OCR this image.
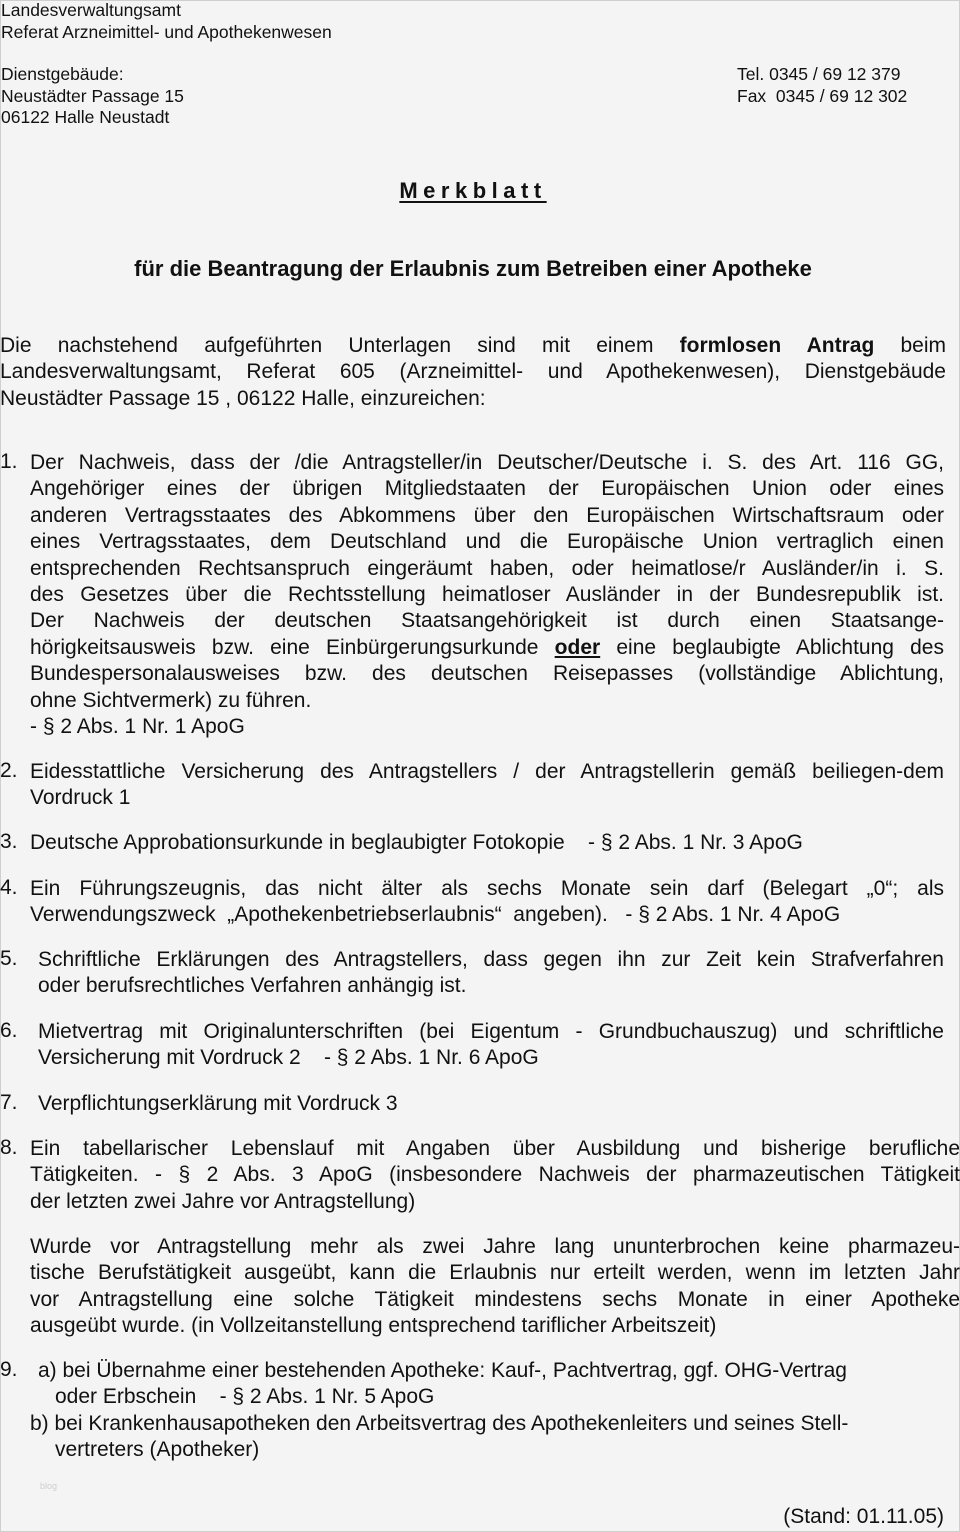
Landesverwaltungsamt
Referat Arzneimittel- und Apothekenwesen
Dienstgebäude:
Neustädter Passage 15
06122 Halle Neustadt
Tel. 0345 / 69 12 379
Fax  0345 / 69 12 302
Merkblatt
für die Beantragung der Erlaubnis zum Betreiben einer Apotheke
Die nachstehend aufgeführten Unterlagen sind mit einem formlosen Antrag beim
Landesverwaltungsamt, Referat 605 (Arzneimittel- und Apothekenwesen), Dienstgebäude
Neustädter Passage 15 , 06122 Halle, einzureichen:
1. Der Nachweis, dass der /die Antragsteller/in Deutscher/Deutsche i. S. des Art. 116 GG,
Angehöriger eines der übrigen Mitgliedstaaten der Europäischen Union oder eines
anderen Vertragsstaates des Abkommens über den Europäischen Wirtschaftsraum oder
eines Vertragsstaates, dem Deutschland und die Europäische Union vertraglich einen
entsprechenden Rechtsanspruch eingeräumt haben, oder heimatlose/r Ausländer/in i. S.
des Gesetzes über die Rechtsstellung heimatloser Ausländer in der Bundesrepublik ist.
Der Nachweis der deutschen Staatsangehörigkeit ist durch einen Staatsange-
hörigkeitsausweis bzw. eine Einbürgerungsurkunde oder eine beglaubigte Ablichtung des
Bundespersonalausweises bzw. des deutschen Reisepasses (vollständige Ablichtung,
ohne Sichtvermerk) zu führen.
- § 2 Abs. 1 Nr. 1 ApoG
2. Eidesstattliche Versicherung des Antragstellers / der Antragstellerin gemäß beiliegen-dem
Vordruck 1
3. Deutsche Approbationsurkunde in beglaubigter Fotokopie    - § 2 Abs. 1 Nr. 3 ApoG
4. Ein Führungszeugnis, das nicht älter als sechs Monate sein darf (Belegart „0“; als
Verwendungszweck  „Apothekenbetriebserlaubnis“  angeben).   - § 2 Abs. 1 Nr. 4 ApoG
5. Schriftliche Erklärungen des Antragstellers, dass gegen ihn zur Zeit kein Strafverfahren
oder berufsrechtliches Verfahren anhängig ist.
6. Mietvertrag mit Originalunterschriften (bei Eigentum - Grundbuchauszug) und schriftliche
Versicherung mit Vordruck 2    - § 2 Abs. 1 Nr. 6 ApoG
7. Verpflichtungserklärung mit Vordruck 3
8. Ein tabellarischer Lebenslauf mit Angaben über Ausbildung und bisherige berufliche
Tätigkeiten. - § 2 Abs. 3 ApoG (insbesondere Nachweis der pharmazeutischen Tätigkeit
der letzten zwei Jahre vor Antragstellung)
Wurde vor Antragstellung mehr als zwei Jahre lang ununterbrochen keine pharmazeu-
tische Berufstätigkeit ausgeübt, kann die Erlaubnis nur erteilt werden, wenn im letzten Jahr
vor Antragstellung eine solche Tätigkeit mindestens sechs Monate in einer Apotheke
ausgeübt wurde. (in Vollzeitanstellung entsprechend tariflicher Arbeitszeit)
9. a) bei Übernahme einer bestehenden Apotheke: Kauf-, Pachtvertrag, ggf. OHG-Vertrag
oder Erbschein    - § 2 Abs. 1 Nr. 5 ApoG
b) bei Krankenhausapotheken den Arbeitsvertrag des Apothekenleiters und seines Stell-
vertreters (Apotheker)
blog
(Stand: 01.11.05)
